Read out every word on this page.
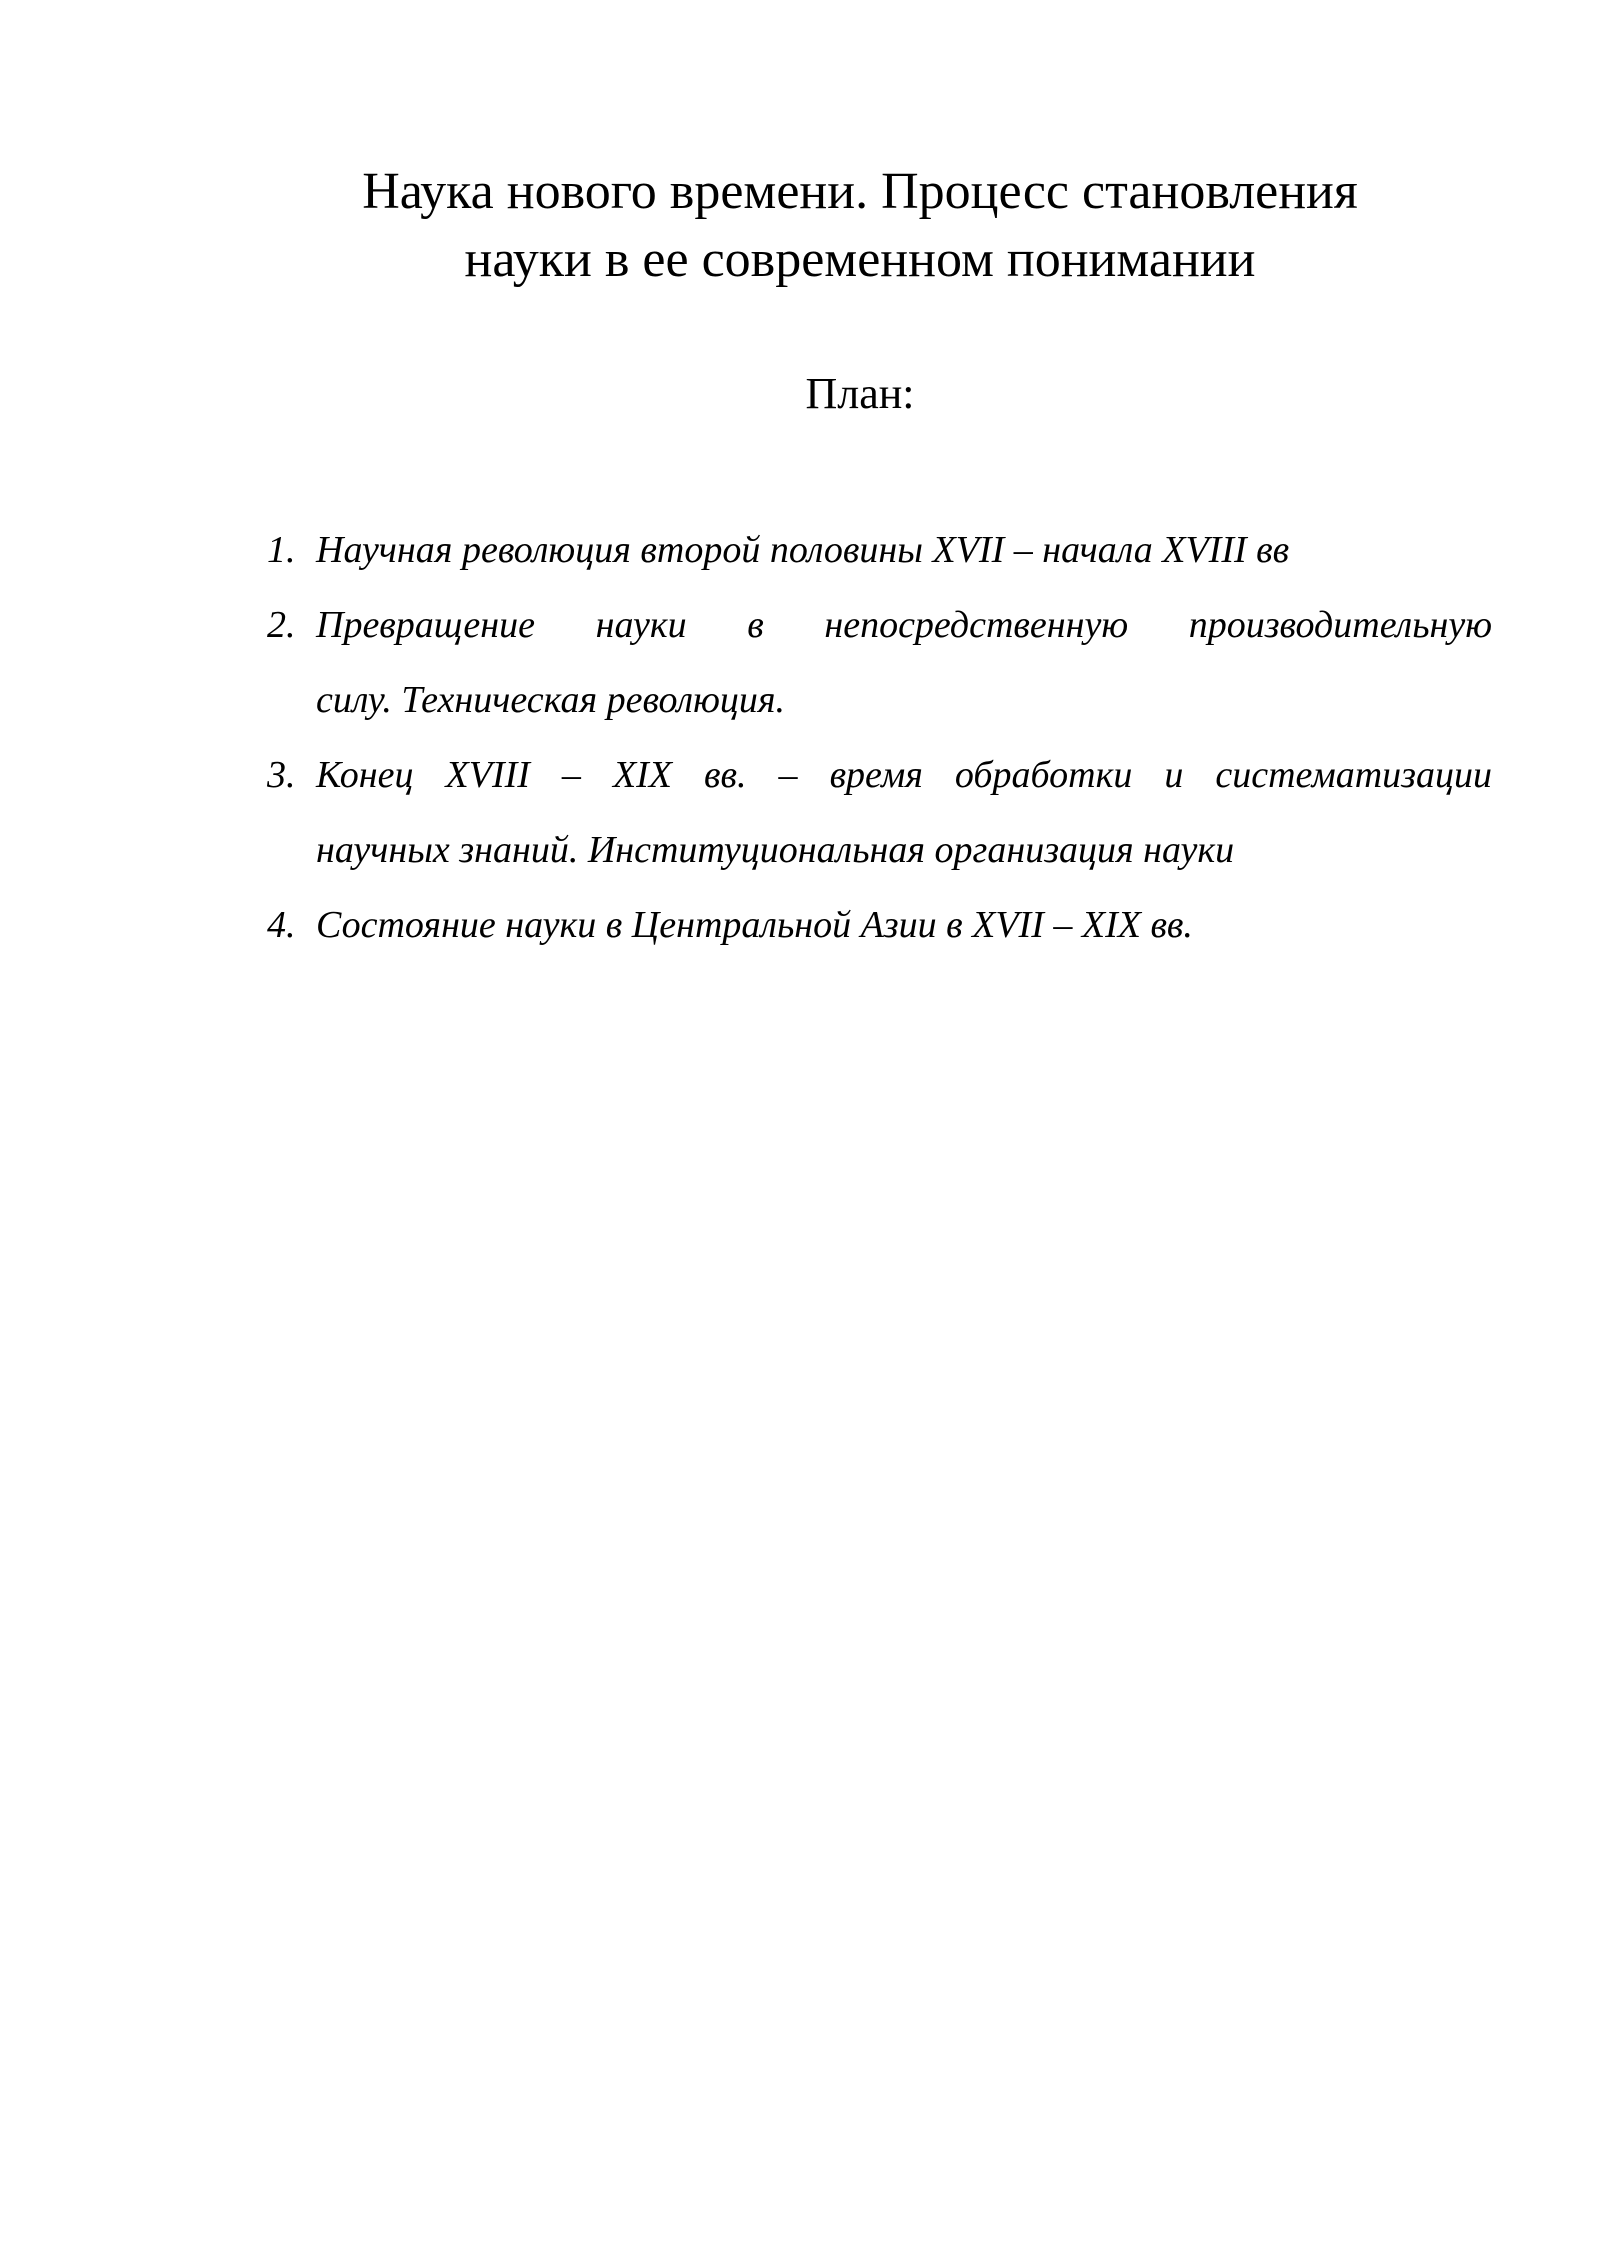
Наука нового времени. Процесс становления
науки в ее современном понимании
План:
1. Научная революция второй половины XVII – начала XVIII вв
2. Превращение науки в непосредственную производительную
силу. Техническая революция.
3. Конец XVIII – XIX вв. – время обработки и систематизации
научных знаний. Институциональная организация науки
4. Состояние науки в Центральной Азии в XVII – XIX вв.
